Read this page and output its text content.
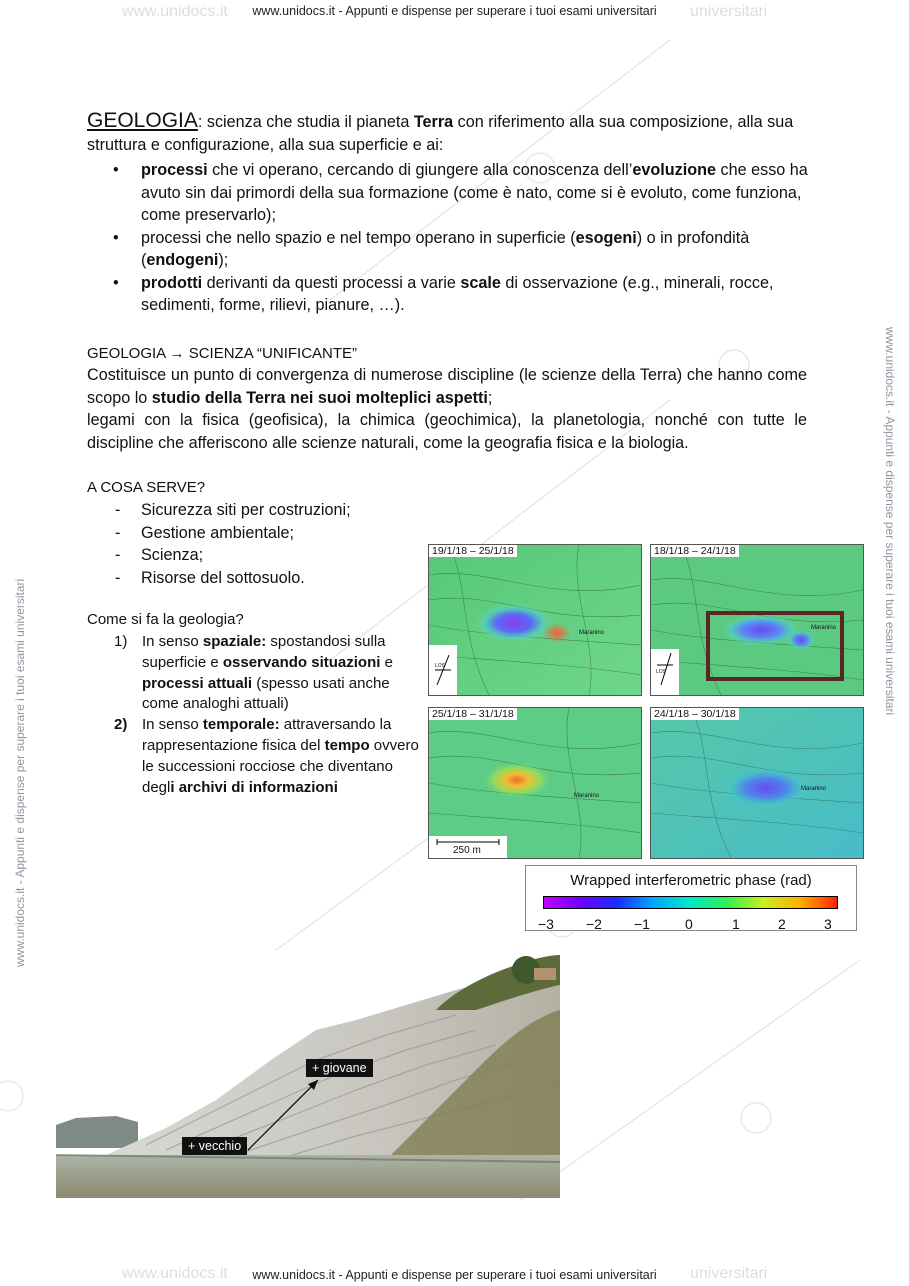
www.unidocs.it	universitari
www.unidocs.it - Appunti e dispense per superare i tuoi esami universitari
www.unidocs.it	universitari
www.unidocs.it - Appunti e dispense per superare i tuoi esami universitari
www.unidocs.it - Appunti e dispense per superare i tuoi esami universitari
www.unidocs.it - Appunti e dispense per superare i tuoi esami universitari
GEOLOGIA: scienza che studia il pianeta Terra con riferimento alla sua composizione, alla sua struttura e configurazione, alla sua superficie e ai:
• processi che vi operano, cercando di giungere alla conoscenza dell’evoluzione che esso ha avuto sin dai primordi della sua formazione (come è nato, come si è evoluto, come funziona, come preservarlo);
• processi che nello spazio e nel tempo operano in superficie (esogeni) o in profondità (endogeni);
• prodotti derivanti da questi processi a varie scale di osservazione (e.g., minerali, rocce, sedimenti, forme, rilievi, pianure, …).
GEOLOGIA → SCIENZA “UNIFICANTE”
Costituisce un punto di convergenza di numerose discipline (le scienze della Terra) che hanno come scopo lo studio della Terra nei suoi molteplici aspetti;
legami con la fisica (geofisica), la chimica (geochimica), la planetologia, nonché con tutte le discipline che afferiscono alle scienze naturali, come la geografia fisica e la biologia.
A COSA SERVE?
- Sicurezza siti per costruzioni;
- Gestione ambientale;
- Scienza;
- Risorse del sottosuolo.
Come si fa la geologia?
1) In senso spaziale: spostandosi sulla superficie e osservando situazioni e processi attuali (spesso usati anche come analoghi attuali)
2) In senso temporale: attraversando la rappresentazione fisica del tempo ovvero le successioni rocciose che diventano degli archivi di informazioni
19/1/18 – 25/1/18
Maranino
LOS
18/1/18 – 24/1/18
Maranino
LOS
25/1/18 – 31/1/18
Maranino
250 m
24/1/18 – 30/1/18
Maranino
Wrapped interferometric phase (rad)
−3 −2 −1	0	1	2	3
+ giovane
+ vecchio
